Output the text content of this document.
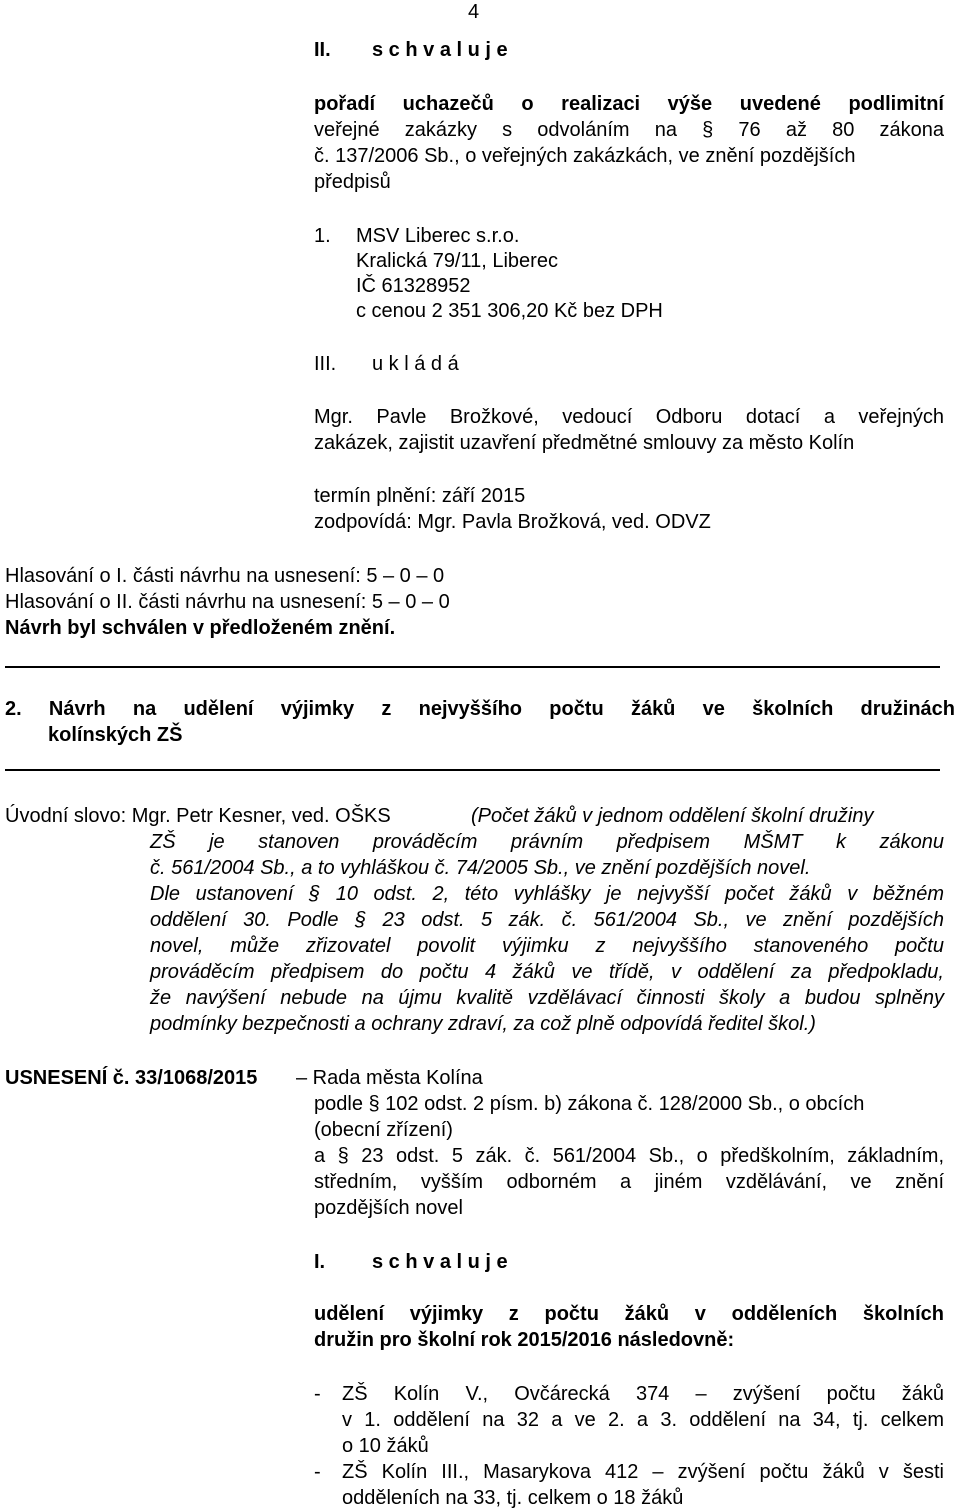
4
II. s c h v a l u j e
pořadí uchazečů o realizaci výše uvedené podlimitní
veřejné zakázky s odvoláním na § 76 až 80 zákona
č. 137/2006 Sb., o veřejných zakázkách, ve znění pozdějších
předpisů
1. MSV Liberec s.r.o.
Kralická 79/11, Liberec
IČ 61328952
c cenou 2 351 306,20 Kč bez DPH
III. u k l á d á
Mgr. Pavle Brožkové, vedoucí Odboru dotací a veřejných
zakázek, zajistit uzavření předmětné smlouvy za město Kolín
termín plnění: září 2015
zodpovídá: Mgr. Pavla Brožková, ved. ODVZ
Hlasování o I. části návrhu na usnesení: 5 – 0 – 0
Hlasování o II. části návrhu na usnesení: 5 – 0 – 0
Návrh byl schválen v předloženém znění.
2. Návrh na udělení výjimky z nejvyššího počtu žáků ve školních družinách
kolínských ZŠ
Úvodní slovo: Mgr. Petr Kesner, ved. OŠKS	(Počet žáků v jednom oddělení školní družiny
ZŠ je stanoven prováděcím právním předpisem MŠMT k zákonu
č. 561/2004 Sb., a to vyhláškou č. 74/2005 Sb., ve znění pozdějších novel.
Dle ustanovení § 10 odst. 2, této vyhlášky je nejvyšší počet žáků v běžném
oddělení 30. Podle § 23 odst. 5 zák. č. 561/2004 Sb., ve znění pozdějších
novel, může zřizovatel povolit výjimku z nejvyššího stanoveného počtu
prováděcím předpisem do počtu 4 žáků ve třídě, v oddělení za předpokladu,
že navýšení nebude na újmu kvalitě vzdělávací činnosti školy a budou splněny
podmínky bezpečnosti a ochrany zdraví, za což plně odpovídá ředitel škol.)
USNESENÍ č. 33/1068/2015 – Rada města Kolína
podle § 102 odst. 2 písm. b) zákona č. 128/2000 Sb., o obcích
(obecní zřízení)
a § 23 odst. 5 zák. č. 561/2004 Sb., o předškolním, základním,
středním, vyšším odborném a jiném vzdělávání, ve znění
pozdějších novel
I. s c h v a l u j e
udělení výjimky z počtu žáků v odděleních školních
družin pro školní rok 2015/2016 následovně:
- ZŠ Kolín V., Ovčárecká 374 – zvýšení počtu žáků
v 1. oddělení na 32 a ve 2. a 3. oddělení na 34, tj. celkem
o 10 žáků
- ZŠ Kolín III., Masarykova 412 – zvýšení počtu žáků v šesti
odděleních na 33, tj. celkem o 18 žáků
